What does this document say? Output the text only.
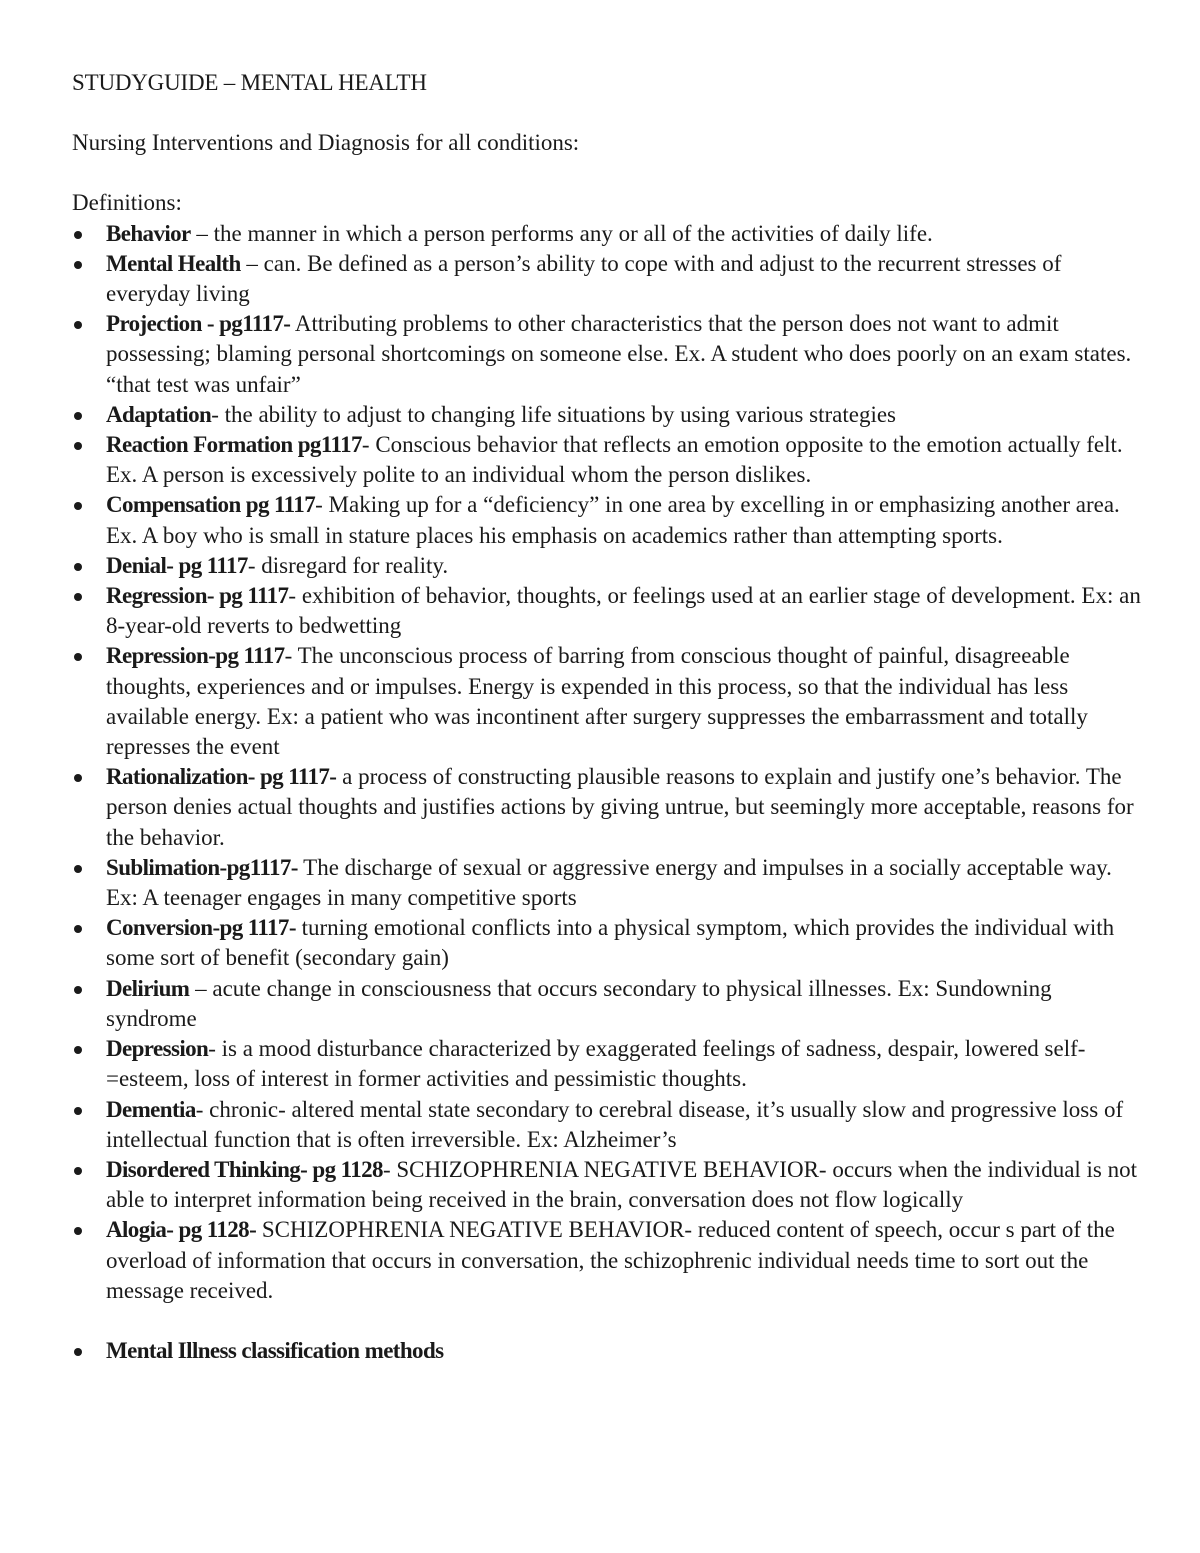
STUDYGUIDE – MENTAL HEALTH
Nursing Interventions and Diagnosis for all conditions:
Definitions:
Behavior – the manner in which a person performs any or all of the activities of daily life.
Mental Health – can. Be defined as a person’s ability to cope with and adjust to the recurrent stresses of everyday living
Projection - pg1117- Attributing problems to other characteristics that the person does not want to admit possessing; blaming personal shortcomings on someone else. Ex. A student who does poorly on an exam states. “that test was unfair”
Adaptation- the ability to adjust to changing life situations by using various strategies
Reaction Formation pg1117- Conscious behavior that reflects an emotion opposite to the emotion actually felt. Ex. A person is excessively polite to an individual whom the person dislikes.
Compensation pg 1117- Making up for a “deficiency” in one area by excelling in or emphasizing another area. Ex. A boy who is small in stature places his emphasis on academics rather than attempting sports.
Denial- pg 1117- disregard for reality.
Regression- pg 1117- exhibition of behavior, thoughts, or feelings used at an earlier stage of development. Ex: an 8-year-old reverts to bedwetting
Repression-pg 1117- The unconscious process of barring from conscious thought of painful, disagreeable thoughts, experiences and or impulses. Energy is expended in this process, so that the individual has less available energy. Ex: a patient who was incontinent after surgery suppresses the embarrassment and totally represses the event
Rationalization- pg 1117- a process of constructing plausible reasons to explain and justify one’s behavior. The person denies actual thoughts and justifies actions by giving untrue, but seemingly more acceptable, reasons for the behavior.
Sublimation-pg1117- The discharge of sexual or aggressive energy and impulses in a socially acceptable way. Ex: A teenager engages in many competitive sports
Conversion-pg 1117- turning emotional conflicts into a physical symptom, which provides the individual with some sort of benefit (secondary gain)
Delirium – acute change in consciousness that occurs secondary to physical illnesses. Ex: Sundowning syndrome
Depression- is a mood disturbance characterized by exaggerated feelings of sadness, despair, lowered self-=esteem, loss of interest in former activities and pessimistic thoughts.
Dementia- chronic- altered mental state secondary to cerebral disease, it’s usually slow and progressive loss of intellectual function that is often irreversible. Ex: Alzheimer’s
Disordered Thinking- pg 1128- SCHIZOPHRENIA NEGATIVE BEHAVIOR- occurs when the individual is not able to interpret information being received in the brain, conversation does not flow logically
Alogia- pg 1128- SCHIZOPHRENIA NEGATIVE BEHAVIOR- reduced content of speech, occur s part of the overload of information that occurs in conversation, the schizophrenic individual needs time to sort out the message received.
Mental Illness classification methods
